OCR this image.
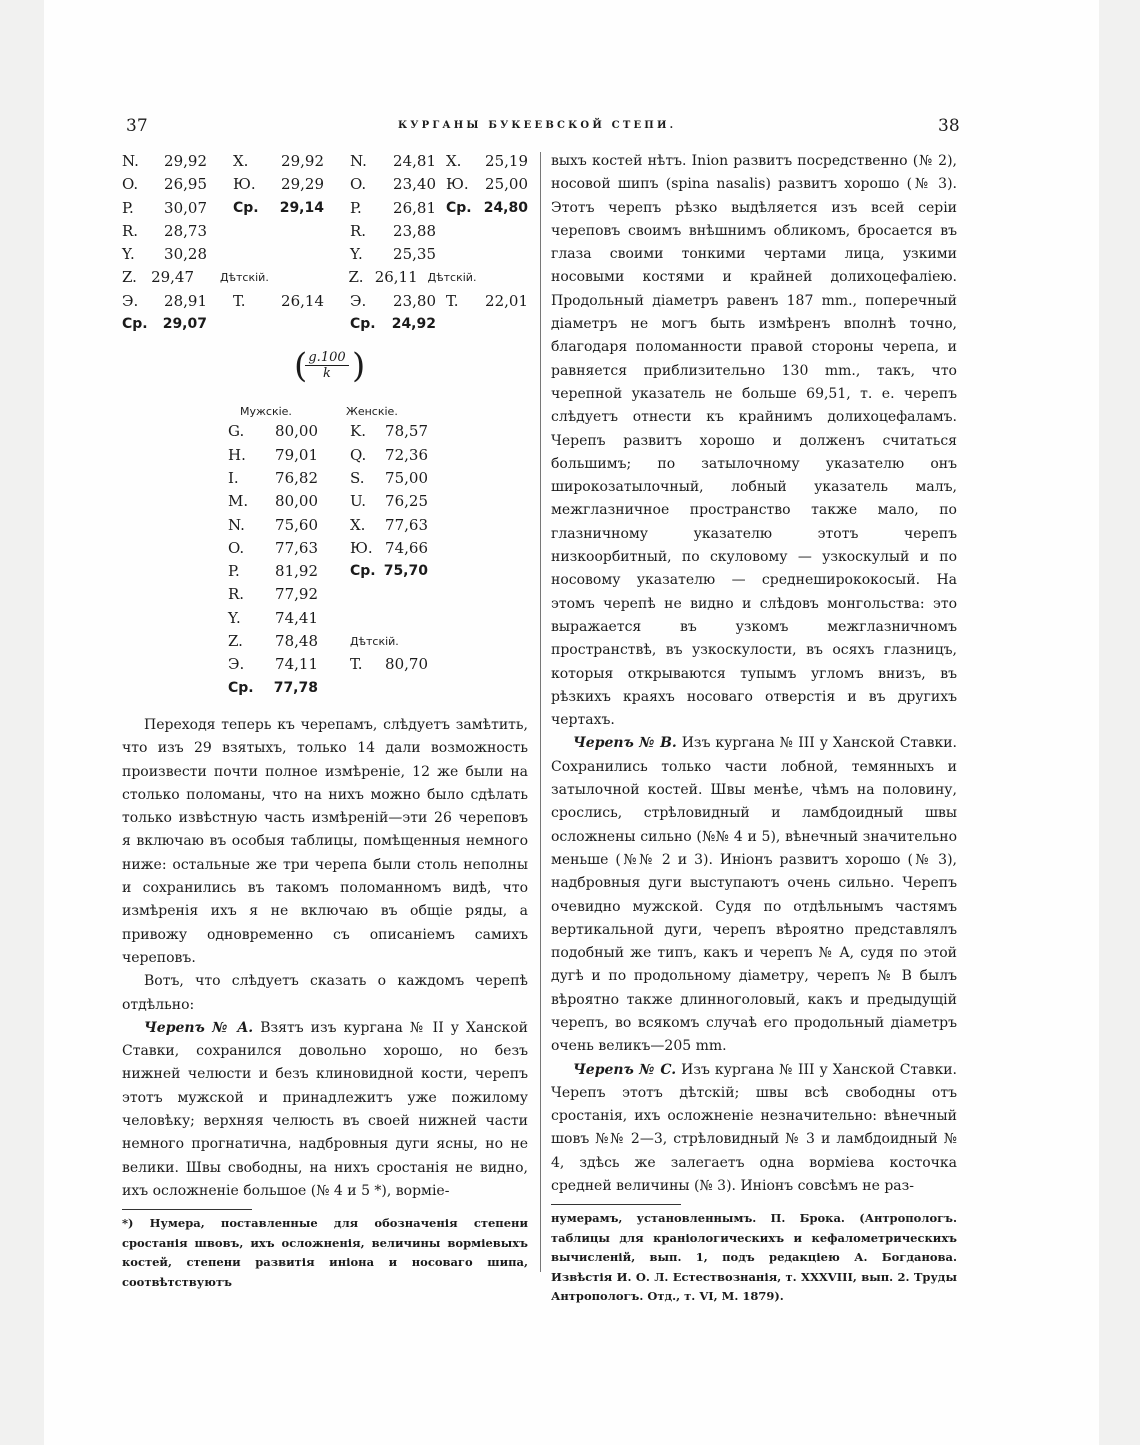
37	КУРГАНЫ БУКЕЕВСКОЙ СТЕПИ.	38
N.	29,92	X.	29,92	N.	24,81 X.	25,19
O.	26,95	Ю.	29,29	O.	23,40 Ю.	25,00
P.	30,07	Ср.	29,14	P.	26,81 Ср. 24,80
R.	28,73	R.	23,88
Y.	30,28	Y.	25,35
Z. 29,47	Дѣтскій.	Z. 26,11 Дѣтскій.
Э.	28,91	T.	26,14	Э.	23,80 T.	22,01
Ср.	29,07	Ср.	24,92
(
$\frac{g.100}{k}$ )
Мужскіе.	Женскіе.
G.	80,00	K.	78,57
H.	79,01	Q.	72,36
I.	76,82	S.	75,00
M.	80,00	U.	76,25
N.	75,60	X.	77,63
O.	77,63	Ю. 74,66
P.	81,92	Ср. 75,70
R.	77,92
Y.	74,41
Z.	78,48	Дѣтскій.
Э.	74,11	T.	80,70
Ср.	77,78

Переходя теперь къ черепамъ, слѣдуетъ замѣтить, что изъ 29 взятыхъ, только 14 дали возможность произвести почти полное измѣреніе, 12 же были на столько поломаны, что на нихъ можно было сдѣлать только извѣстную часть измѣреній—эти 26 череповъ я включаю въ особыя таблицы, помѣщенныя немного ниже: остальные же три черепа были столь неполны и сохранились въ такомъ поломанномъ видѣ, что измѣренія ихъ я не включаю въ общіе ряды, а привожу одновременно съ описаніемъ самихъ череповъ.

Вотъ, что слѣдуетъ сказать о каждомъ черепѣ отдѣльно:

Черепъ № A. Взятъ изъ кургана № II у Ханской Ставки, сохранился довольно хорошо, но безъ нижней челюсти и безъ клиновидной кости, черепъ этотъ мужской и принадлежитъ уже пожилому человѣку; верхняя челюсть въ своей нижней части немного прогнатична, надбровныя дуги ясны, но не велики. Швы свободны, на нихъ сростанія не видно, ихъ осложненіе большое (№ 4 и 5 *), ворміе-

*) Нумера, поставленные для обозначенія степени сростанія швовъ, ихъ осложненія, величины ворміевыхъ костей, степени развитія иніона и носоваго шипа, соотвѣтствуютъ

выхъ костей нѣтъ. Inion развитъ посредственно (№ 2), носовой шипъ (spina nasalis) развитъ хорошо (№ 3). Этотъ черепъ рѣзко выдѣляется изъ всей серіи череповъ своимъ внѣшнимъ обликомъ, бросается въ глаза своими тонкими чертами лица, узкими носовыми костями и крайней долихоцефаліею. Продольный діаметръ равенъ 187 mm., поперечный діаметръ не могъ быть измѣренъ вполнѣ точно, благодаря поломанности правой стороны черепа, и равняется приблизительно 130 mm., такъ, что черепной указатель не больше 69,51, т. е. черепъ слѣдуетъ отнести къ крайнимъ долихоцефаламъ. Черепъ развитъ хорошо и долженъ считаться большимъ; по затылочному указателю онъ широкозатылочный, лобный указатель малъ, межглазничное пространство также мало, по глазничному указателю этотъ черепъ низкоорбитный, по скуловому — узкоскулый и по носовому указателю — среднеширококосый. На этомъ черепѣ не видно и слѣдовъ монгольства: это выражается въ узкомъ межглазничномъ пространствѣ, въ узкоскулости, въ осяхъ глазницъ, которыя открываются тупымъ угломъ внизъ, въ рѣзкихъ краяхъ носоваго отверстія и въ другихъ чертахъ.

Черепъ № B. Изъ кургана № III у Ханской Ставки. Сохранились только части лобной, темянныхъ и затылочной костей. Швы менѣе, чѣмъ на половину, срослись, стрѣловидный и ламбдоидный швы осложнены сильно (№№ 4 и 5), вѣнечный значительно меньше (№№ 2 и 3). Иніонъ развитъ хорошо (№ 3), надбровныя дуги выступаютъ очень сильно. Черепъ очевидно мужской. Судя по отдѣльнымъ частямъ вертикальной дуги, черепъ вѣроятно представлялъ подобный же типъ, какъ и черепъ № A, судя по этой дугѣ и по продольному діаметру, черепъ № B былъ вѣроятно также длинноголовый, какъ и предыдущій черепъ, во всякомъ случаѣ его продольный діаметръ очень великъ—205 mm.

Черепъ № C. Изъ кургана № III у Ханской Ставки. Черепъ этотъ дѣтскій; швы всѣ свободны отъ сростанія, ихъ осложненіе незначительно: вѣнечный шовъ №№ 2—3, стрѣловидный № 3 и ламбдоидный № 4, здѣсь же залегаетъ одна ворміева косточка средней величины (№ 3). Иніонъ совсѣмъ не раз-

нумерамъ, установленнымъ. П. Брока. (Антропологъ. таблицы для краніологическихъ и кефалометрическихъ вычисленій, вып. 1, подъ редакціею А. Богданова. Извѣстія И. О. Л. Естествознанія, т. XXXVIII, вып. 2. Труды Антропологъ. Отд., т. VI, М. 1879).
